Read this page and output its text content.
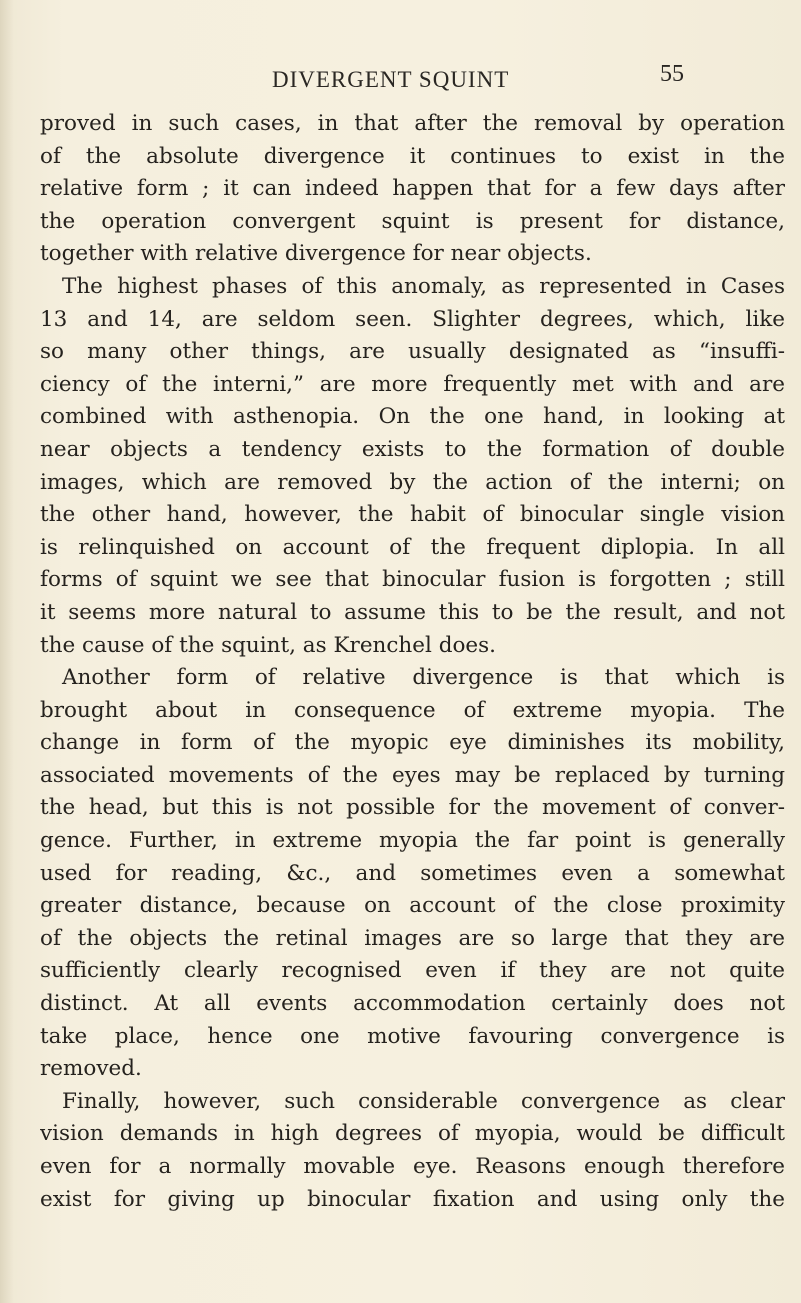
DIVERGENT SQUINT	55
proved in such cases, in that after the removal by operation
of the absolute divergence it continues to exist in the
relative form ; it can indeed happen that for a few days after
the operation convergent squint is present for distance,
together with relative divergence for near objects.
The highest phases of this anomaly, as represented in Cases
13 and 14, are seldom seen. Slighter degrees, which, like
so many other things, are usually designated as “insuffi-
ciency of the interni,” are more frequently met with and are
combined with asthenopia. On the one hand, in looking at
near objects a tendency exists to the formation of double
images, which are removed by the action of the interni; on
the other hand, however, the habit of binocular single vision
is relinquished on account of the frequent diplopia. In all
forms of squint we see that binocular fusion is forgotten ; still
it seems more natural to assume this to be the result, and not
the cause of the squint, as Krenchel does.
Another form of relative divergence is that which is
brought about in consequence of extreme myopia. The
change in form of the myopic eye diminishes its mobility,
associated movements of the eyes may be replaced by turning
the head, but this is not possible for the movement of conver-
gence. Further, in extreme myopia the far point is generally
used for reading, &c., and sometimes even a somewhat
greater distance, because on account of the close proximity
of the objects the retinal images are so large that they are
sufficiently clearly recognised even if they are not quite
distinct. At all events accommodation certainly does not
take place, hence one motive favouring convergence is
removed.
Finally, however, such considerable convergence as clear
vision demands in high degrees of myopia, would be difficult
even for a normally movable eye. Reasons enough therefore
exist for giving up binocular fixation and using only the
